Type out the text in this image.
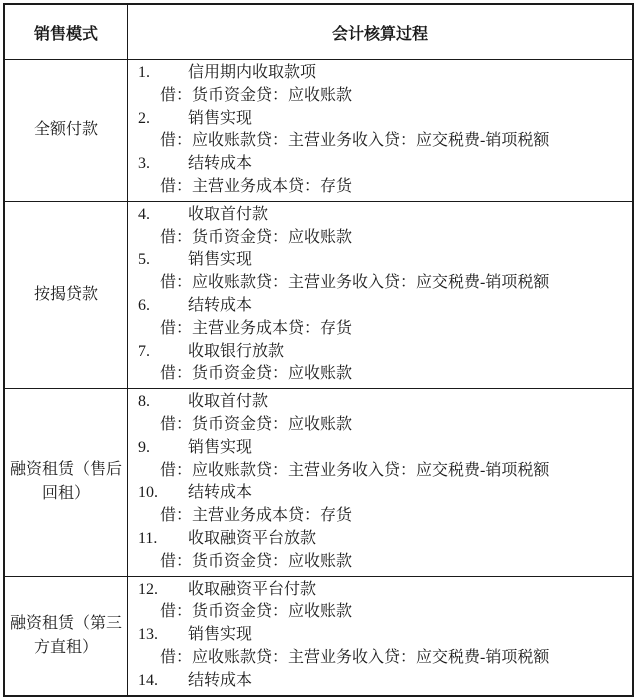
销售模式	会计核算过程
全额付款	
1. 信用期内收取款项
借：货币资金贷：应收账款
2. 销售实现
借：应收账款贷：主营业务收入贷：应交税费-销项税额
3. 结转成本
借：主营业务成本贷：存货

按揭贷款	
4. 收取首付款
借：货币资金贷：应收账款
5. 销售实现
借：应收账款贷：主营业务收入贷：应交税费-销项税额
6. 结转成本
借：主营业务成本贷：存货
7. 收取银行放款
借：货币资金贷：应收账款

融资租赁（售后回租）	
8. 收取首付款
借：货币资金贷：应收账款
9. 销售实现
借：应收账款贷：主营业务收入贷：应交税费-销项税额
10. 结转成本
借：主营业务成本贷：存货
11. 收取融资平台放款
借：货币资金贷：应收账款

融资租赁（第三方直租）	12. 收取融资平台付款
借：货币资金贷：应收账款
13. 销售实现
借：应收账款贷：主营业务收入贷：应交税费-销项税额
14. 结转成本
